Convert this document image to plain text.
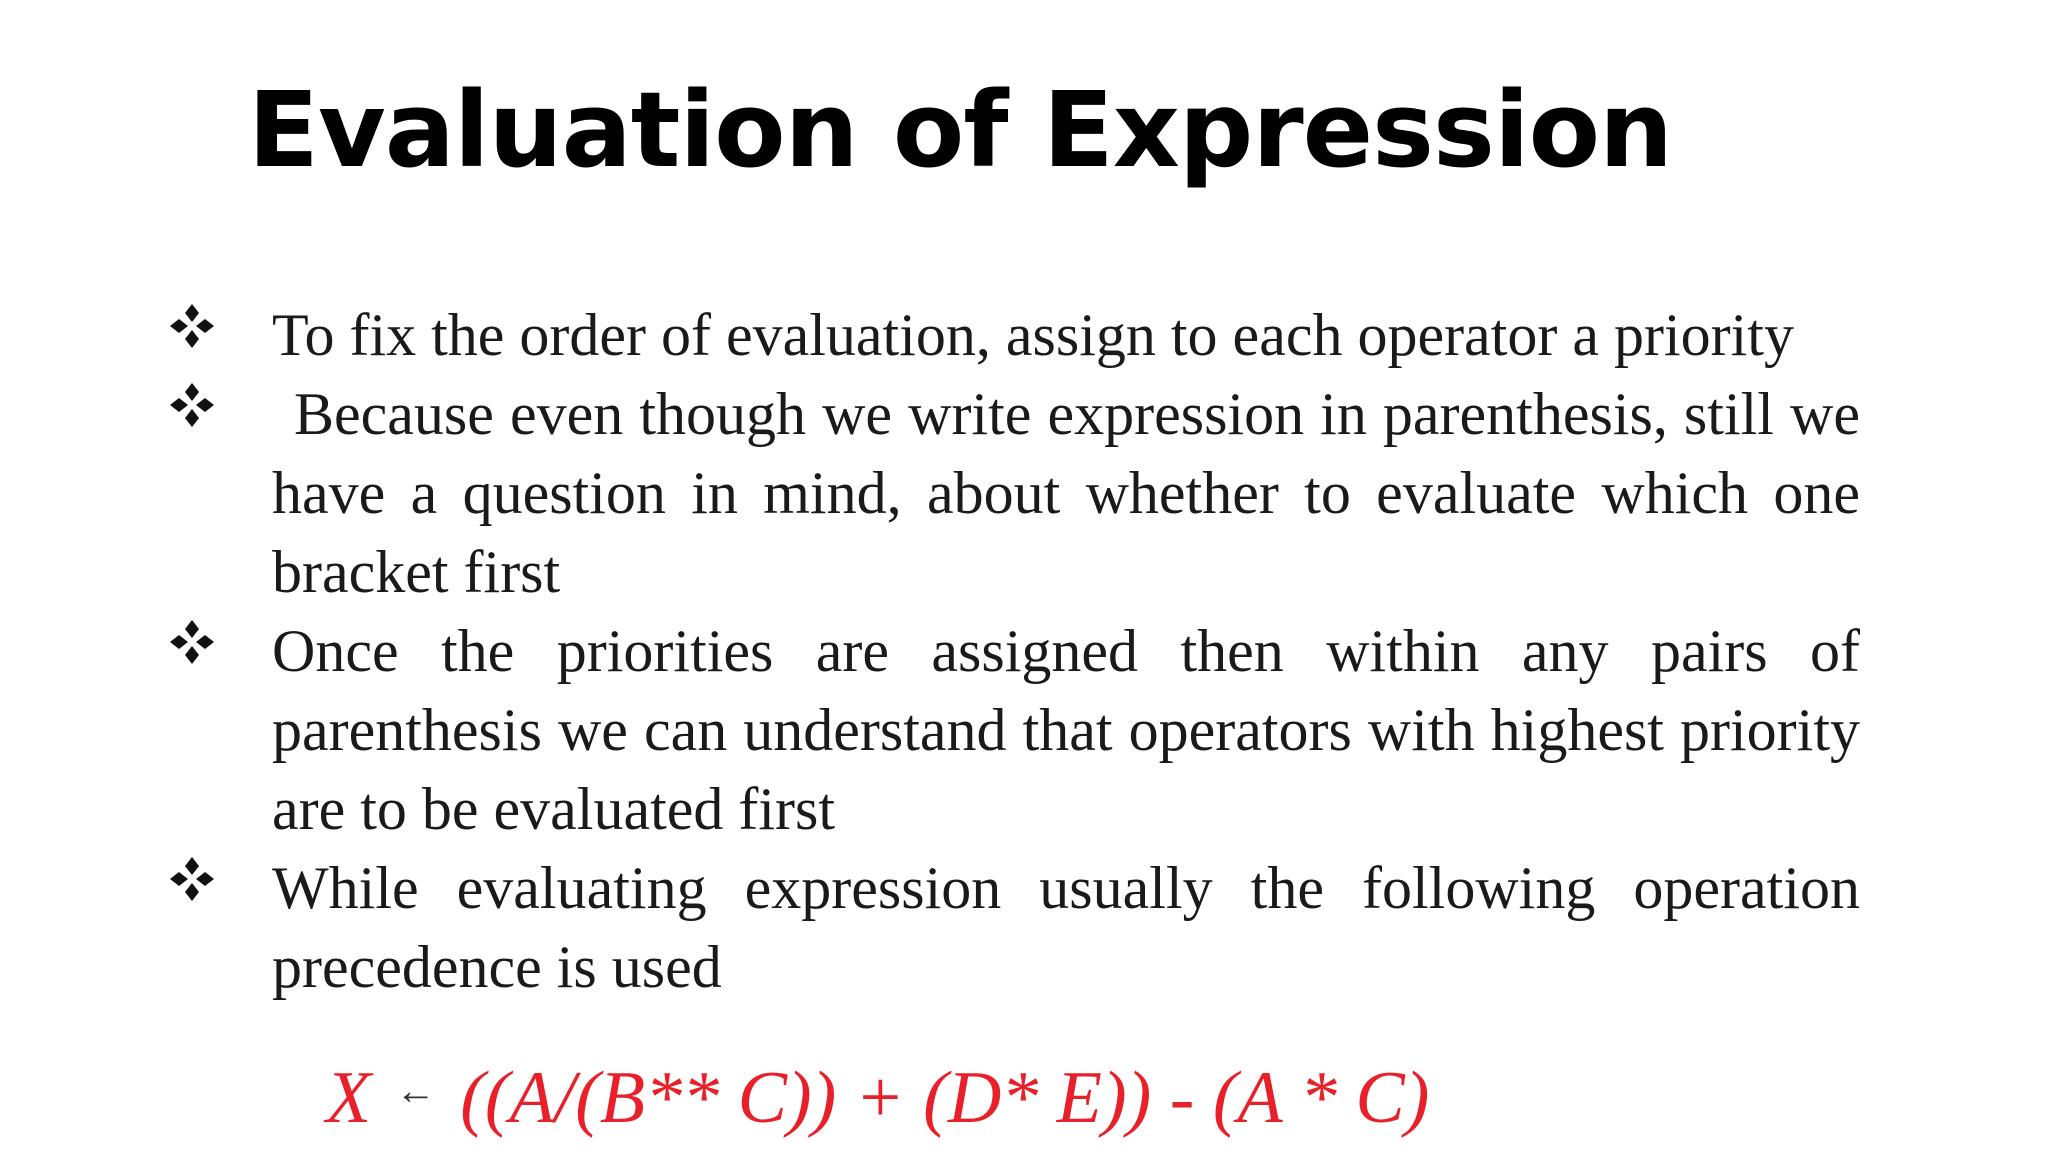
Evaluation of Expression
To fix the order of evaluation, assign to each operator a priority
Because even though we write expression in parenthesis, still we have a question in mind, about whether to evaluate which one bracket first
Once the priorities are assigned then within any pairs of parenthesis we can understand that operators with highest priority are to be evaluated first
While evaluating expression usually the following operation precedence is used
X ← ((A/(B** C)) + (D* E)) - (A * C)
